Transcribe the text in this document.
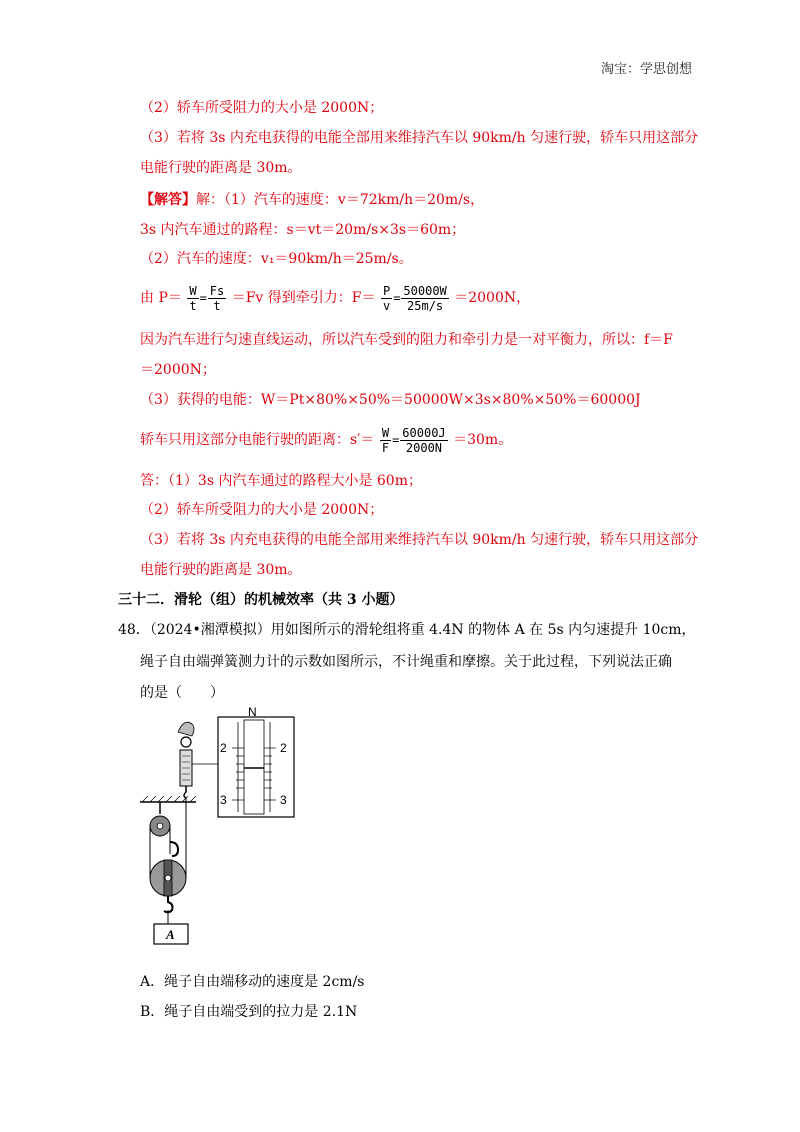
淘宝：学思创想
（2）轿车所受阻力的大小是 2000N；
（3）若将 3s 内充电获得的电能全部用来维持汽车以 90km/h 匀速行驶，轿车只用这部分
电能行驶的距离是 30m。
【解答】解：（1）汽车的速度：v＝72km/h＝20m/s，
3s 内汽车通过的路程：s＝vt＝20m/s×3s＝60m；
（2）汽车的速度：v₁＝90km/h＝25m/s。
由 $P= \frac{W}{t} = \frac{Fs}{t} =Fv$ 得到牵引力：$F= \frac{P}{v} = \frac{50000W}{25m/s} =2000N$，
因为汽车进行匀速直线运动，所以汽车受到的阻力和牵引力是一对平衡力，所以：f＝F
＝2000N；
（3）获得的电能：W＝Pt×80%×50%＝50000W×3s×80%×50%＝60000J
轿车只用这部分电能行驶的距离：$s'= \frac{W}{F} = \frac{60000J}{2000N} =30m$。
答：（1）3s 内汽车通过的路程大小是 60m；
（2）轿车所受阻力的大小是 2000N；
（3）若将 3s 内充电获得的电能全部用来维持汽车以 90km/h 匀速行驶，轿车只用这部分
电能行驶的距离是 30m。
三十二．滑轮（组）的机械效率（共 3 小题）
48．（2024•湘潭模拟）用如图所示的滑轮组将重 4.4N 的物体 A 在 5s 内匀速提升 10cm，
绳子自由端弹簧测力计的示数如图所示，不计绳重和摩擦。关于此过程，下列说法正确
的是（　　）
N
2	2
3	3
A
A．绳子自由端移动的速度是 2cm/s
B．绳子自由端受到的拉力是 2.1N
